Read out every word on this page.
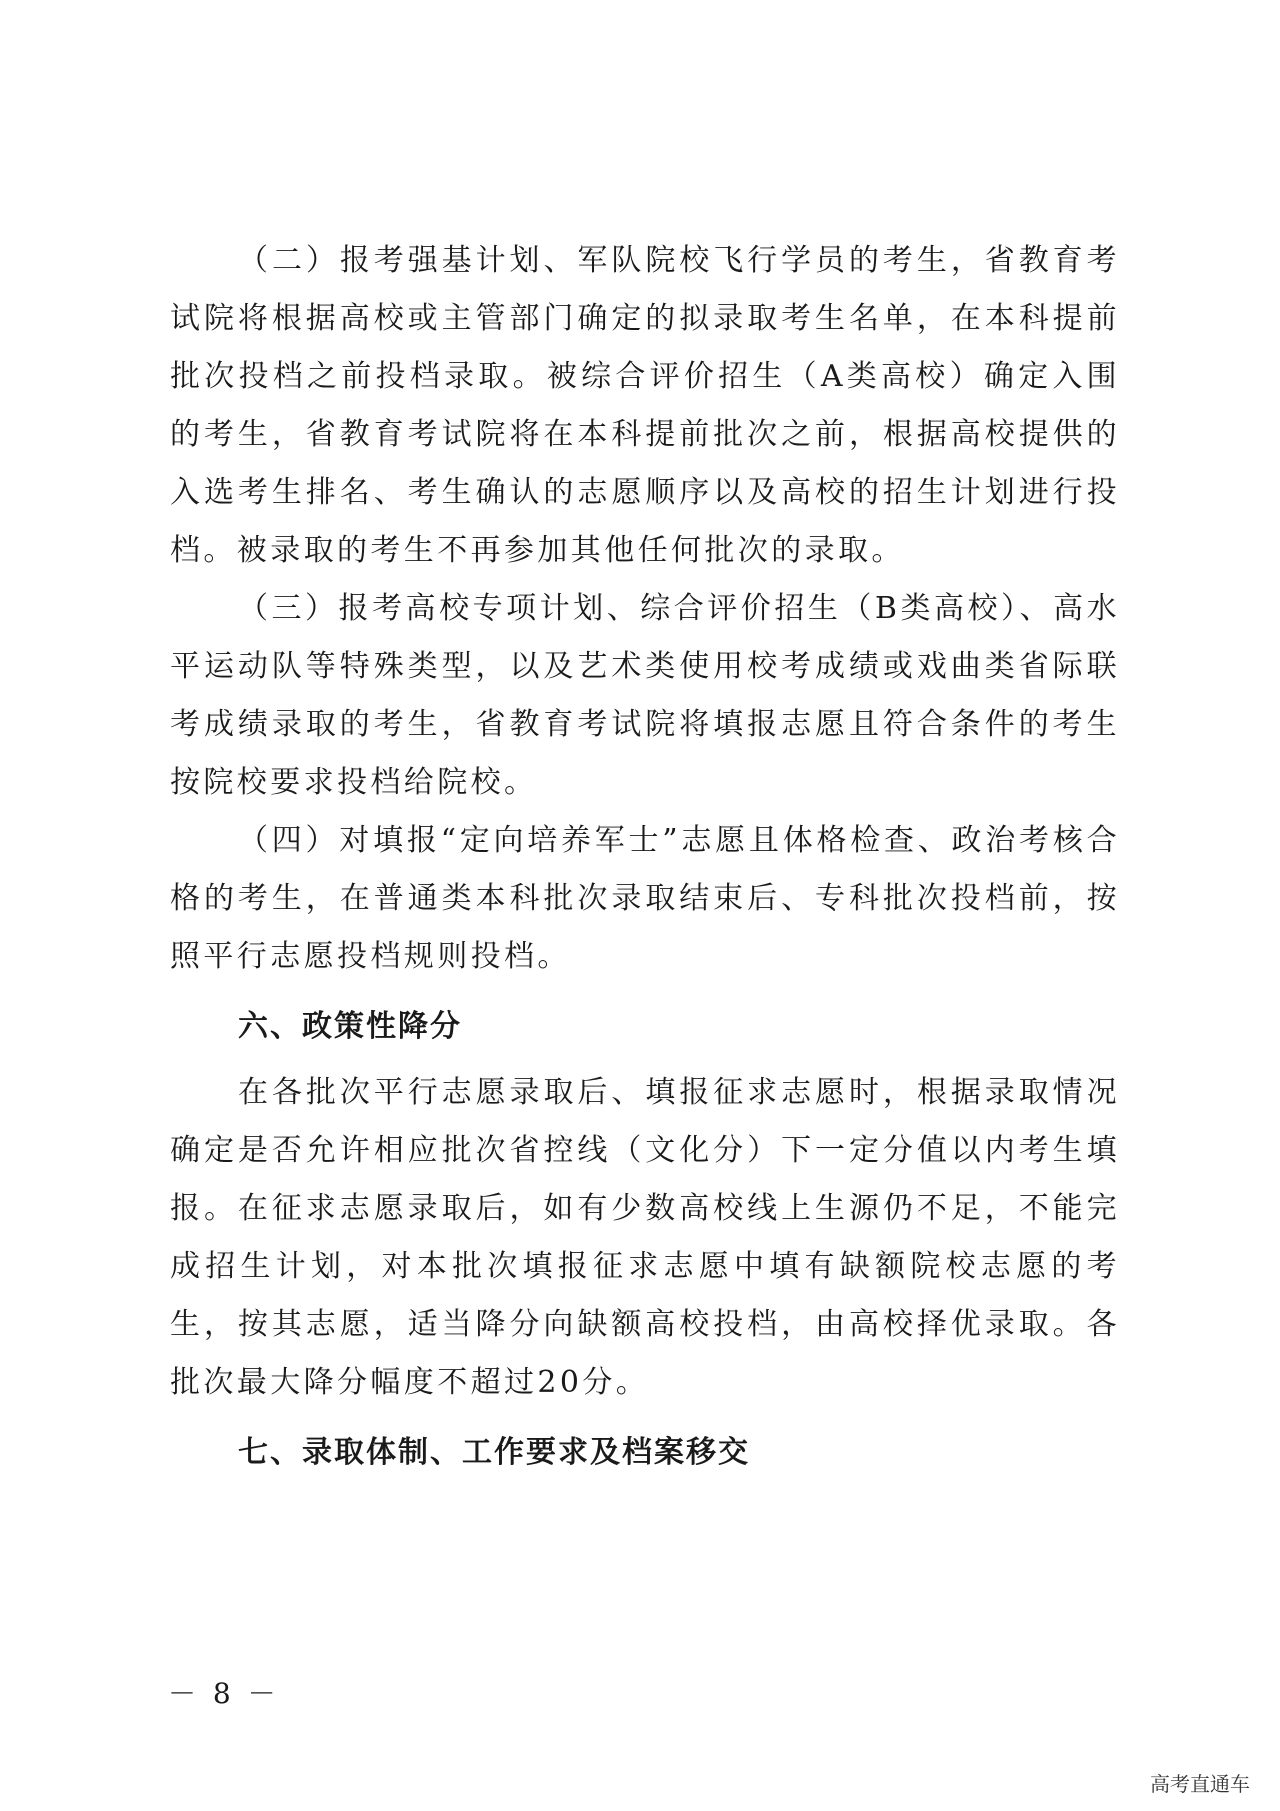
（二）报考强基计划、军队院校飞行学员的考生，省教育考试院将根据高校或主管部门确定的拟录取考生名单，在本科提前批次投档之前投档录取。被综合评价招生（A类高校）确定入围的考生，省教育考试院将在本科提前批次之前，根据高校提供的入选考生排名、考生确认的志愿顺序以及高校的招生计划进行投档。被录取的考生不再参加其他任何批次的录取。

（三）报考高校专项计划、综合评价招生（B类高校）、高水平运动队等特殊类型，以及艺术类使用校考成绩或戏曲类省际联考成绩录取的考生，省教育考试院将填报志愿且符合条件的考生按院校要求投档给院校。

（四）对填报“定向培养军士”志愿且体格检查、政治考核合格的考生，在普通类本科批次录取结束后、专科批次投档前，按照平行志愿投档规则投档。

六、政策性降分

在各批次平行志愿录取后、填报征求志愿时，根据录取情况确定是否允许相应批次省控线（文化分）下一定分值以内考生填报。在征求志愿录取后，如有少数高校线上生源仍不足，不能完成招生计划，对本批次填报征求志愿中填有缺额院校志愿的考生，按其志愿，适当降分向缺额高校投档，由高校择优录取。各批次最大降分幅度不超过20分。

七、录取体制、工作要求及档案移交
－ 8 －
高考直通车
